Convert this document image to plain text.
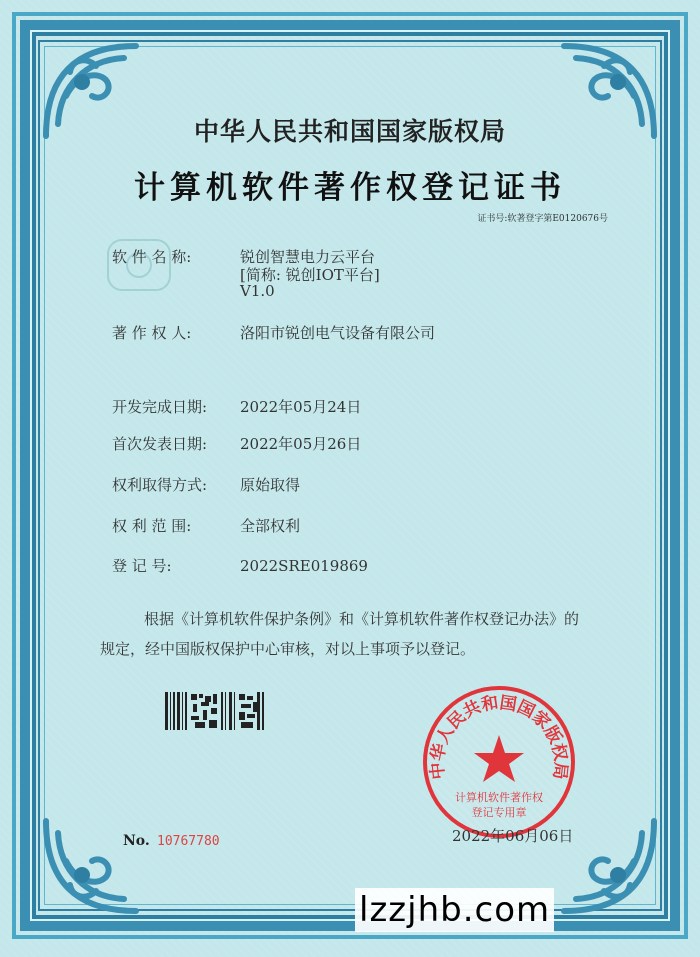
中华人民共和国国家版权局
计算机软件著作权登记证书
证书号:软著登字第E0120676号
软 件 名 称:	锐创智慧电力云平台
[简称: 锐创IOT平台]
V1.0
著 作 权 人:	洛阳市锐创电气设备有限公司
开发完成日期: 2022年05月24日
首次发表日期: 2022年05月26日
权利取得方式: 原始取得
权 利 范 围:	全部权利
登 记 号:	2022SRE019869
根据《计算机软件保护条例》和《计算机软件著作权登记办法》的
规定，经中国版权保护中心审核，对以上事项予以登记。
No. 10767780
中华人民共和国国家版权局
计算机软件著作权
登记专用章
2022年06月06日
lzzjhb.com
